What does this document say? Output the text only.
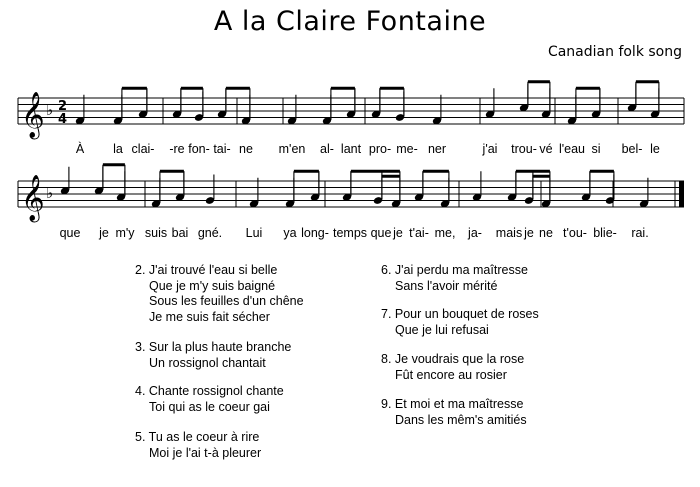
A la Claire Fontaine
Canadian folk song
𝄞 ♭ 2
4
À la clai- -re fon- tai- ne m'en al- lant pro- me- ner	j'ai trou- vé l'eau si bel- le
𝄞 ♭
que je m'y suis bai gné. Lui ya long- temps que je t'ai- me, ja- mais je ne t'ou- blie- rai.
2. J'ai trouvé l'eau si belle
Que je m'y suis baigné
Sous les feuilles d'un chêne
Je me suis fait sécher
3. Sur la plus haute branche
Un rossignol chantait
4. Chante rossignol chante
Toi qui as le coeur gai
5. Tu as le coeur à rire
Moi je l'ai t-à pleurer
6. J'ai perdu ma maîtresse
Sans l'avoir mérité
7. Pour un bouquet de roses
Que je lui refusai
8. Je voudrais que la rose
Fût encore au rosier
9. Et moi et ma maîtresse
Dans les mêm's amitiés
